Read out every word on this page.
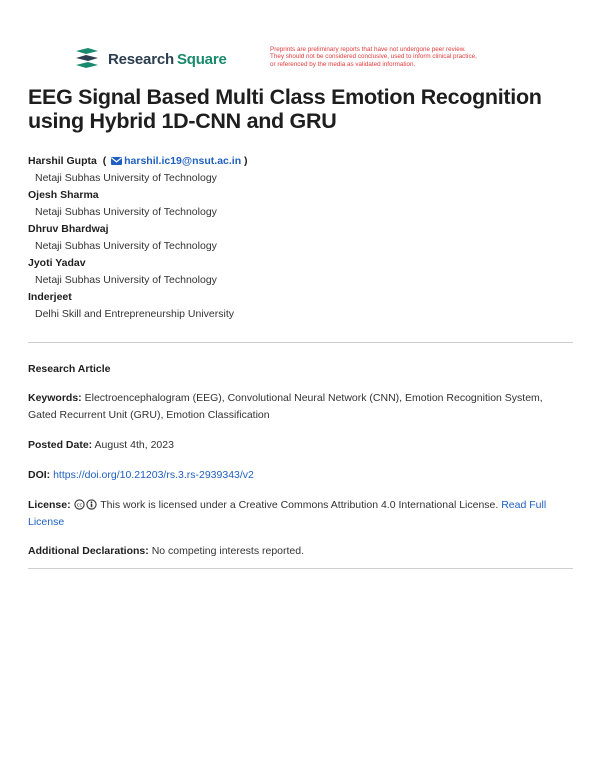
Research Square
Preprints are preliminary reports that have not undergone peer review.
They should not be considered conclusive, used to inform clinical practice,
or referenced by the media as validated information.
EEG Signal Based Multi Class Emotion Recognition using Hybrid 1D-CNN and GRU
Harshil Gupta  ( harshil.ic19@nsut.ac.in )
Netaji Subhas University of Technology
Ojesh Sharma
Netaji Subhas University of Technology
Dhruv Bhardwaj
Netaji Subhas University of Technology
Jyoti Yadav
Netaji Subhas University of Technology
Inderjeet
Delhi Skill and Entrepreneurship University
Research Article
Keywords: Electroencephalogram (EEG), Convolutional Neural Network (CNN), Emotion Recognition System, Gated Recurrent Unit (GRU), Emotion Classification
Posted Date: August 4th, 2023
DOI: https://doi.org/10.21203/rs.3.rs-2939343/v2
License: cc This work is licensed under a Creative Commons Attribution 4.0 International License. Read Full License
Additional Declarations: No competing interests reported.
